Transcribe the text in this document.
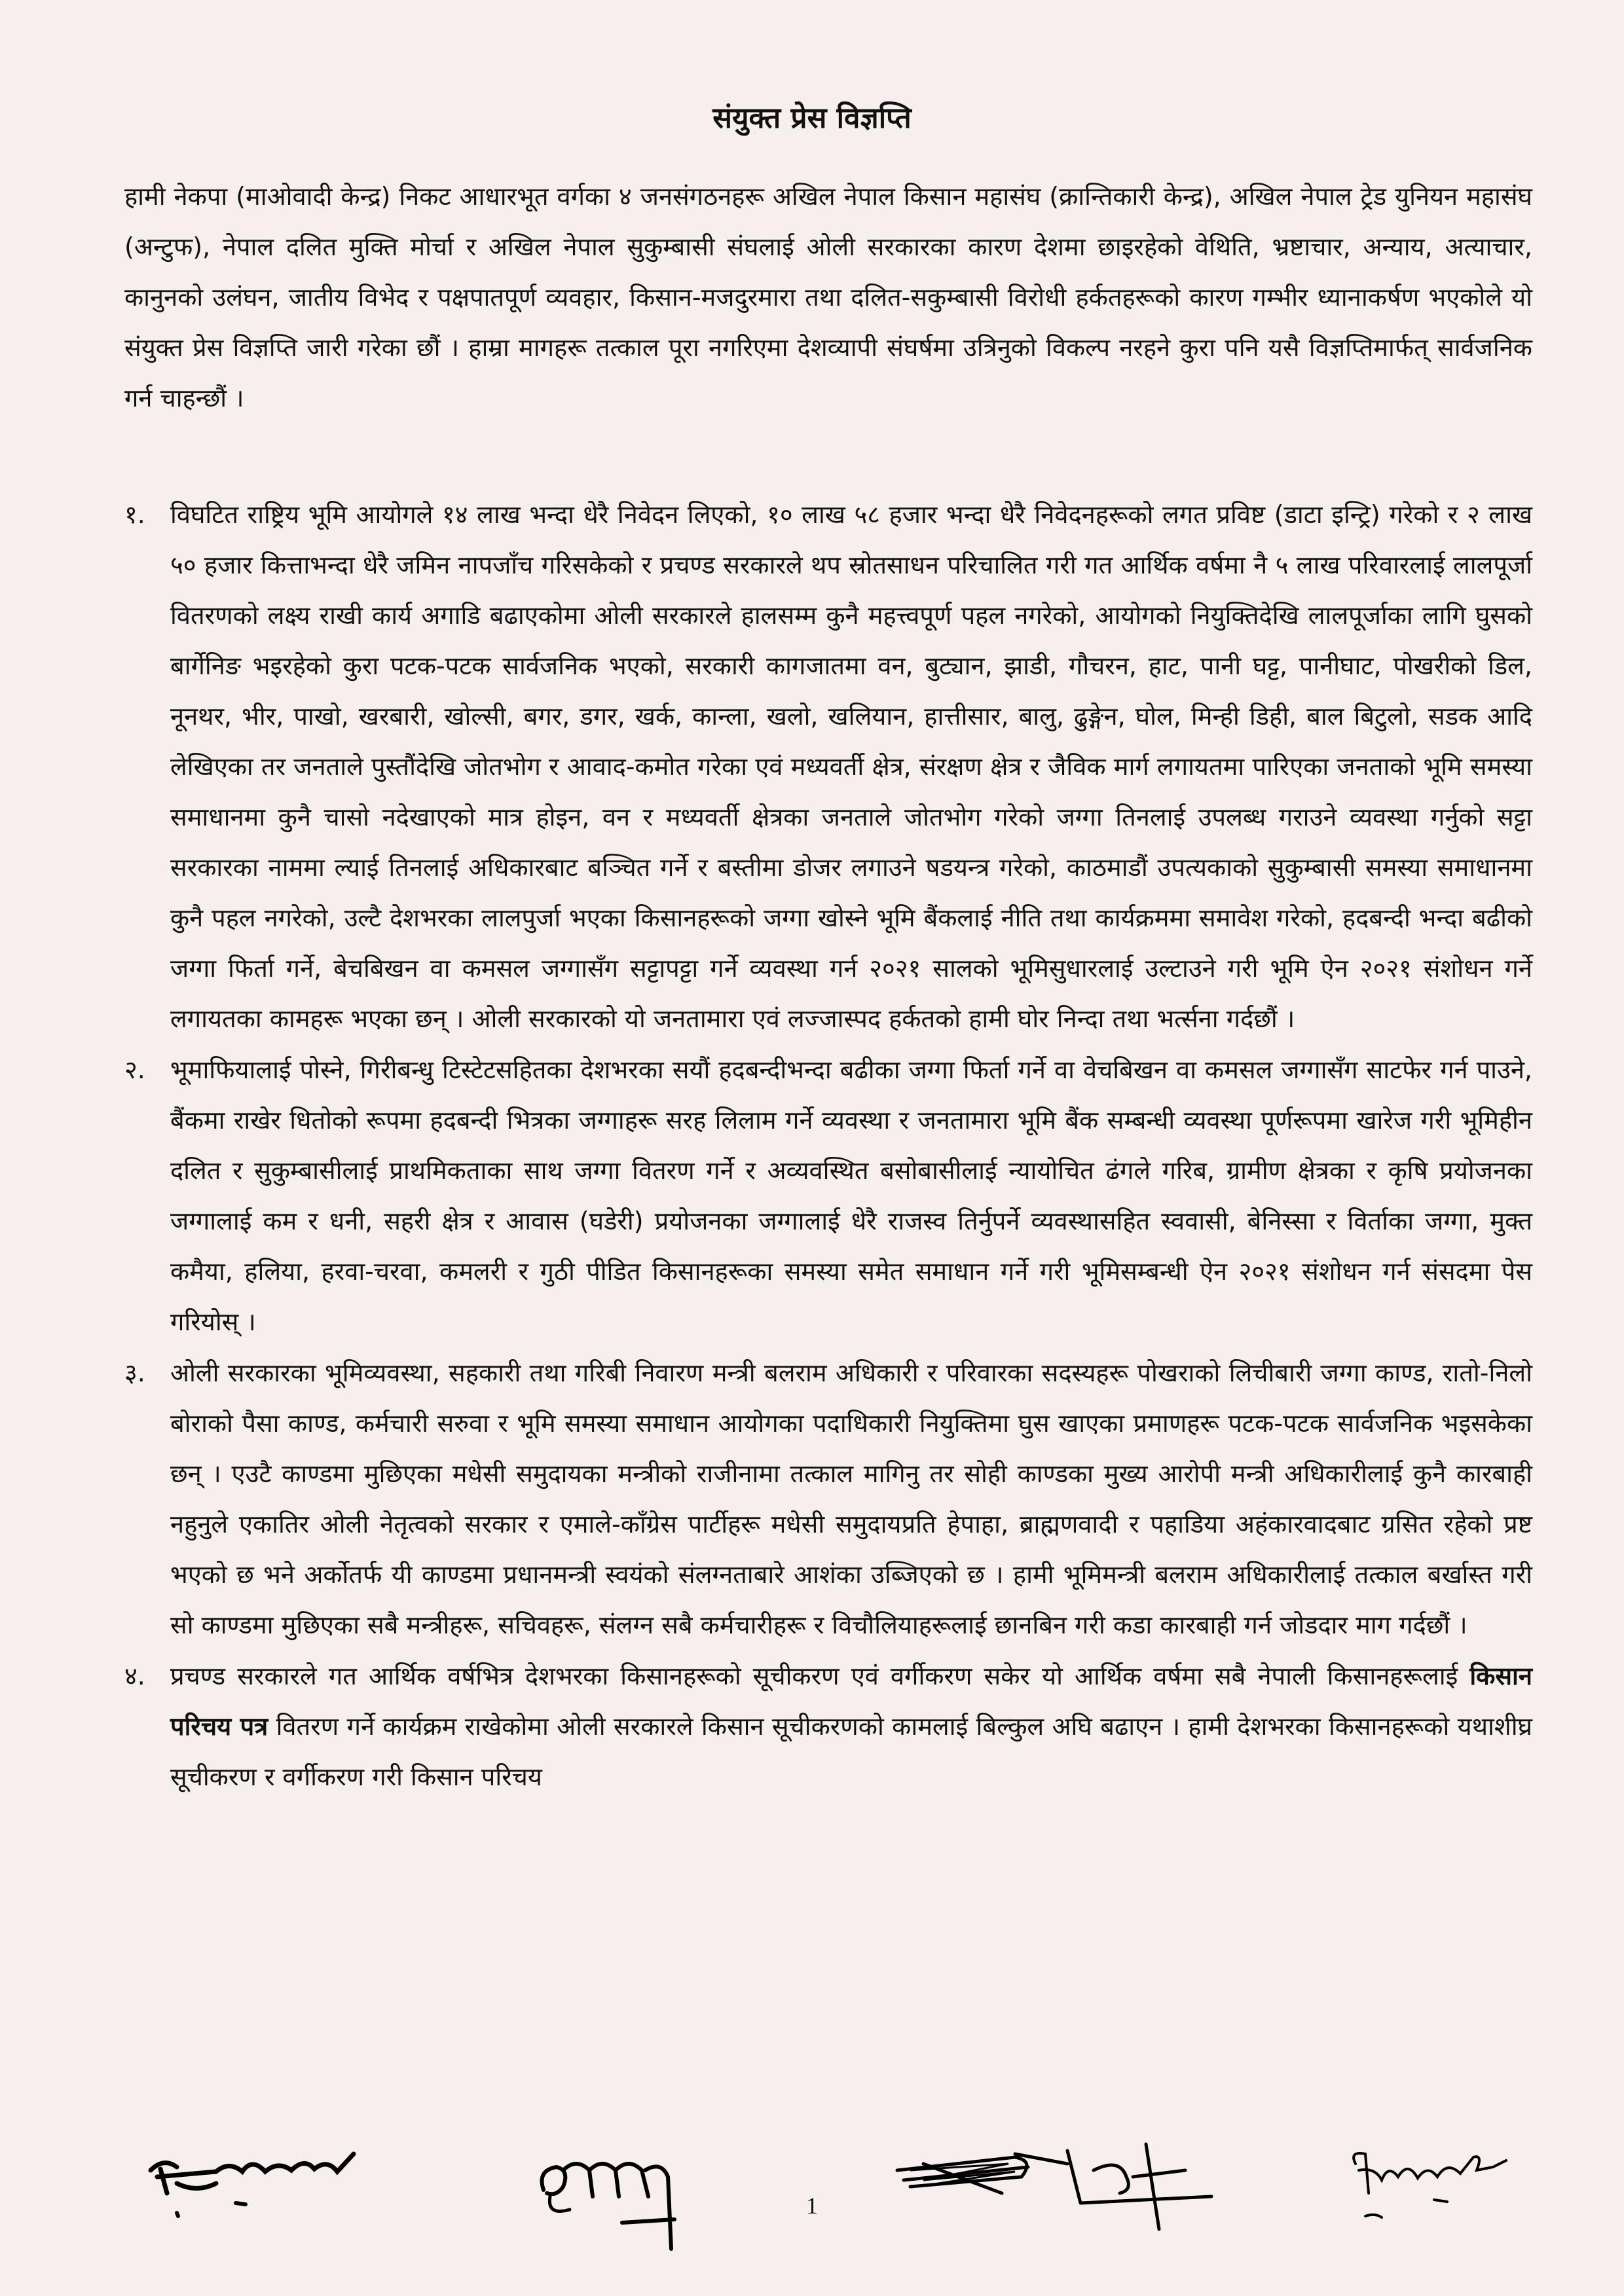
संयुक्त प्रेस विज्ञप्ति

हामी नेकपा (माओवादी केन्द्र) निकट आधारभूत वर्गका ४ जनसंगठनहरू अखिल नेपाल किसान महासंघ (क्रान्तिकारी केन्द्र), अखिल नेपाल ट्रेड युनियन महासंघ (अन्टुफ), नेपाल दलित मुक्ति मोर्चा र अखिल नेपाल सुकुम्बासी संघलाई ओली सरकारका कारण देशमा छाइरहेको वेथिति, भ्रष्टाचार, अन्याय, अत्याचार, कानुनको उलंघन, जातीय विभेद र पक्षपातपूर्ण व्यवहार, किसान-मजदुरमारा तथा दलित-सकुम्बासी विरोधी हर्कतहरूको कारण गम्भीर ध्यानाकर्षण भएकोले यो संयुक्त प्रेस विज्ञप्ति जारी गरेका छौं । हाम्रा मागहरू तत्काल पूरा नगरिएमा देशव्यापी संघर्षमा उत्रिनुको विकल्प नरहने कुरा पनि यसै विज्ञप्तिमार्फत् सार्वजनिक गर्न चाहन्छौं ।

१. विघटित राष्ट्रिय भूमि आयोगले १४ लाख भन्दा धेरै निवेदन लिएको, १० लाख ५८ हजार भन्दा धेरै निवेदनहरूको लगत प्रविष्ट (डाटा इन्ट्रि) गरेको र २ लाख ५० हजार कित्ताभन्दा धेरै जमिन नापजाँच गरिसकेको र प्रचण्ड सरकारले थप स्रोतसाधन परिचालित गरी गत आर्थिक वर्षमा नै ५ लाख परिवारलाई लालपूर्जा वितरणको लक्ष्य राखी कार्य अगाडि बढाएकोमा ओली सरकारले हालसम्म कुनै महत्त्वपूर्ण पहल नगरेको, आयोगको नियुक्तिदेखि लालपूर्जाका लागि घुसको बार्गेनिङ भइरहेको कुरा पटक-पटक सार्वजनिक भएको, सरकारी कागजातमा वन, बुट्यान, झाडी, गौचरन, हाट, पानी घट्ट, पानीघाट, पोखरीको डिल, नूनथर, भीर, पाखो, खरबारी, खोल्सी, बगर, डगर, खर्क, कान्ला, खलो, खलियान, हात्तीसार, बालु, ढुङ्गेन, घोल, मिन्ही डिही, बाल बिटुलो, सडक आदि लेखिएका तर जनताले पुस्तौंदेखि जोतभोग र आवाद-कमोत गरेका एवं मध्यवर्ती क्षेत्र, संरक्षण क्षेत्र र जैविक मार्ग लगायतमा पारिएका जनताको भूमि समस्या समाधानमा कुनै चासो नदेखाएको मात्र होइन, वन र मध्यवर्ती क्षेत्रका जनताले जोतभोग गरेको जग्गा तिनलाई उपलब्ध गराउने व्यवस्था गर्नुको सट्टा सरकारका नाममा ल्याई तिनलाई अधिकारबाट बञ्चित गर्ने र बस्तीमा डोजर लगाउने षडयन्त्र गरेको, काठमाडौं उपत्यकाको सुकुम्बासी समस्या समाधानमा कुनै पहल नगरेको, उल्टै देशभरका लालपुर्जा भएका किसानहरूको जग्गा खोस्ने भूमि बैंकलाई नीति तथा कार्यक्रममा समावेश गरेको, हदबन्दी भन्दा बढीको जग्गा फिर्ता गर्ने, बेचबिखन वा कमसल जग्गासँग सट्टापट्टा गर्ने व्यवस्था गर्न २०२१ सालको भूमिसुधारलाई उल्टाउने गरी भूमि ऐन २०२१ संशोधन गर्ने लगायतका कामहरू भएका छन् । ओली सरकारको यो जनतामारा एवं लज्जास्पद हर्कतको हामी घोर निन्दा तथा भर्त्सना गर्दछौं ।

२. भूमाफियालाई पोस्ने, गिरीबन्धु टिस्टेटसहितका देशभरका सयौं हदबन्दीभन्दा बढीका जग्गा फिर्ता गर्ने वा वेचबिखन वा कमसल जग्गासँग साटफेर गर्न पाउने, बैंकमा राखेर धितोको रूपमा हदबन्दी भित्रका जग्गाहरू सरह लिलाम गर्ने व्यवस्था र जनतामारा भूमि बैंक सम्बन्धी व्यवस्था पूर्णरूपमा खारेज गरी भूमिहीन दलित र सुकुम्बासीलाई प्राथमिकताका साथ जग्गा वितरण गर्ने र अव्यवस्थित बसोबासीलाई न्यायोचित ढंगले गरिब, ग्रामीण क्षेत्रका र कृषि प्रयोजनका जग्गालाई कम र धनी, सहरी क्षेत्र र आवास (घडेरी) प्रयोजनका जग्गालाई धेरै राजस्व तिर्नुपर्ने व्यवस्थासहित स्ववासी, बेनिस्सा र विर्ताका जग्गा, मुक्त कमैया, हलिया, हरवा-चरवा, कमलरी र गुठी पीडित किसानहरूका समस्या समेत समाधान गर्ने गरी भूमिसम्बन्धी ऐन २०२१ संशोधन गर्न संसदमा पेस गरियोस् ।

३. ओली सरकारका भूमिव्यवस्था, सहकारी तथा गरिबी निवारण मन्त्री बलराम अधिकारी र परिवारका सदस्यहरू पोखराको लिचीबारी जग्गा काण्ड, रातो-निलो बोराको पैसा काण्ड, कर्मचारी सरुवा र भूमि समस्या समाधान आयोगका पदाधिकारी नियुक्तिमा घुस खाएका प्रमाणहरू पटक-पटक सार्वजनिक भइसकेका छन् । एउटै काण्डमा मुछिएका मधेसी समुदायका मन्त्रीको राजीनामा तत्काल मागिनु तर सोही काण्डका मुख्य आरोपी मन्त्री अधिकारीलाई कुनै कारबाही नहुनुले एकातिर ओली नेतृत्वको सरकार र एमाले-काँग्रेस पार्टीहरू मधेसी समुदायप्रति हेपाहा, ब्राह्मणवादी र पहाडिया अहंकारवादबाट ग्रसित रहेको प्रष्ट भएको छ भने अर्कोतर्फ यी काण्डमा प्रधानमन्त्री स्वयंको संलग्नताबारे आशंका उब्जिएको छ । हामी भूमिमन्त्री बलराम अधिकारीलाई तत्काल बर्खास्त गरी सो काण्डमा मुछिएका सबै मन्त्रीहरू, सचिवहरू, संलग्न सबै कर्मचारीहरू र विचौलियाहरूलाई छानबिन गरी कडा कारबाही गर्न जोडदार माग गर्दछौं ।

४. प्रचण्ड सरकारले गत आर्थिक वर्षभित्र देशभरका किसानहरूको सूचीकरण एवं वर्गीकरण सकेर यो आर्थिक वर्षमा सबै नेपाली किसानहरूलाई किसान परिचय पत्र वितरण गर्ने कार्यक्रम राखेकोमा ओली सरकारले किसान सूचीकरणको कामलाई बिल्कुल अघि बढाएन । हामी देशभरका किसानहरूको यथाशीघ्र सूचीकरण र वर्गीकरण गरी किसान परिचय

1
